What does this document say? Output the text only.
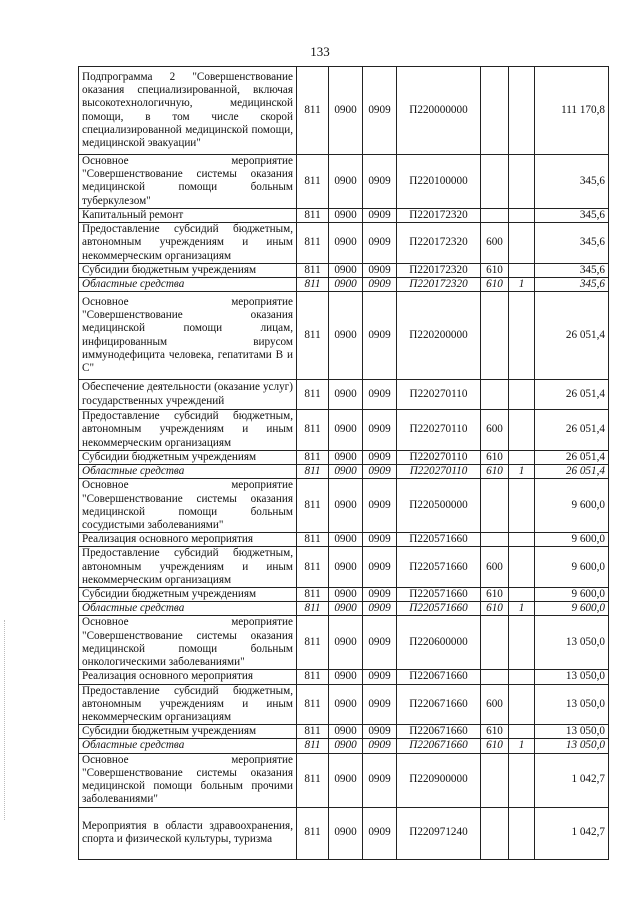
133
Подпрограмма 2 "Совершенствование оказания специализированной, включая высокотехнологичную, медицинской помощи, в том числе скорой специализированной медицинской помощи, медицинской эвакуации"	811	0900	0909	П220000000			111 170,8
Основное мероприятие "Совершенствование системы оказания медицинской помощи больным туберкулезом"	811	0900	0909	П220100000			345,6
Капитальный ремонт	811	0900	0909	П220172320			345,6
Предоставление субсидий бюджетным, автономным учреждениям и иным некоммерческим организациям	811	0900	0909	П220172320	600		345,6
Субсидии бюджетным учреждениям	811	0900	0909	П220172320	610		345,6
Областные средства	811	0900	0909	П220172320	610	1	345,6
Основное мероприятие "Совершенствование оказания медицинской помощи лицам, инфицированным вирусом иммунодефицита человека, гепатитами В и С"	811	0900	0909	П220200000			26 051,4
Обеспечение деятельности (оказание услуг) государственных учреждений	811	0900	0909	П220270110			26 051,4
Предоставление субсидий бюджетным, автономным учреждениям и иным некоммерческим организациям	811	0900	0909	П220270110	600		26 051,4
Субсидии бюджетным учреждениям	811	0900	0909	П220270110	610		26 051,4
Областные средства	811	0900	0909	П220270110	610	1	26 051,4
Основное мероприятие "Совершенствование системы оказания медицинской помощи больным сосудистыми заболеваниями"	811	0900	0909	П220500000			9 600,0
Реализация основного мероприятия	811	0900	0909	П220571660			9 600,0
Предоставление субсидий бюджетным, автономным учреждениям и иным некоммерческим организациям	811	0900	0909	П220571660	600		9 600,0
Субсидии бюджетным учреждениям	811	0900	0909	П220571660	610		9 600,0
Областные средства	811	0900	0909	П220571660	610	1	9 600,0
Основное мероприятие "Совершенствование системы оказания медицинской помощи больным онкологическими заболеваниями"	811	0900	0909	П220600000			13 050,0
Реализация основного мероприятия	811	0900	0909	П220671660			13 050,0
Предоставление субсидий бюджетным, автономным учреждениям и иным некоммерческим организациям	811	0900	0909	П220671660	600		13 050,0
Субсидии бюджетным учреждениям	811	0900	0909	П220671660	610		13 050,0
Областные средства	811	0900	0909	П220671660	610	1	13 050,0
Основное мероприятие "Совершенствование системы оказания медицинской помощи больным прочими заболеваниями"	811	0900	0909	П220900000			1 042,7
Мероприятия в области здравоохранения, спорта и физической культуры, туризма	811	0900	0909	П220971240			1 042,7
